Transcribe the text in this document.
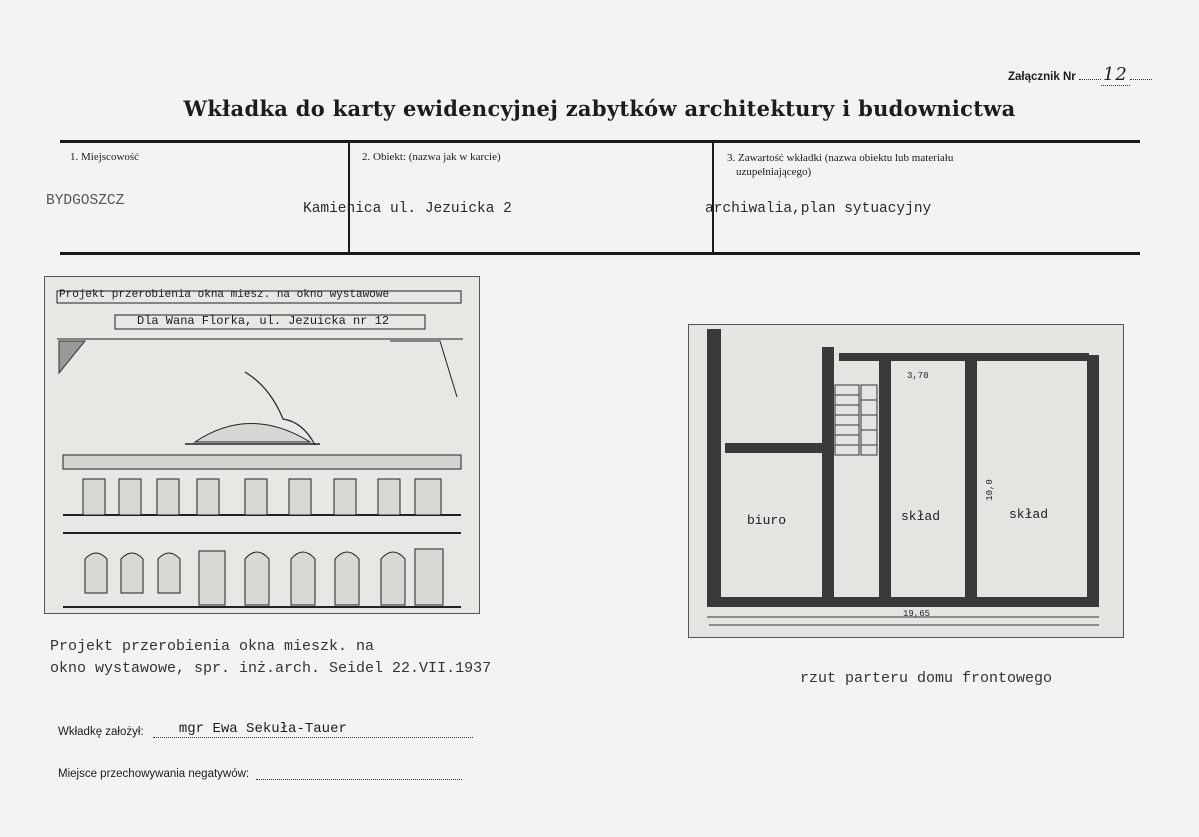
Załącznik Nr 12
Wkładka do karty ewidencyjnej zabytków architektury i budownictwa
1. Miejscowość	2. Obiekt: (nazwa jak w karcie)	3. Zawartość wkładki (nazwa obiektu lub materiału
uzupełniającego)
BYDGOSZCZ	Kamienica ul. Jezuicka 2	archiwalia,plan sytuacyjny
Projekt przerobienia okna miesz. na okno wystawowe
Dla Wana Florka, ul. Jezuicka nr 12
Projekt przerobienia okna mieszk. na
okno wystawowe, spr. inż.arch. Seidel 22.VII.1937
biuro	skład	skład
3,70
19,65
10,0
rzut parteru domu frontowego
Wkładkę założył:	mgr Ewa Sekuła-Tauer
Miejsce przechowywania negatywów:
